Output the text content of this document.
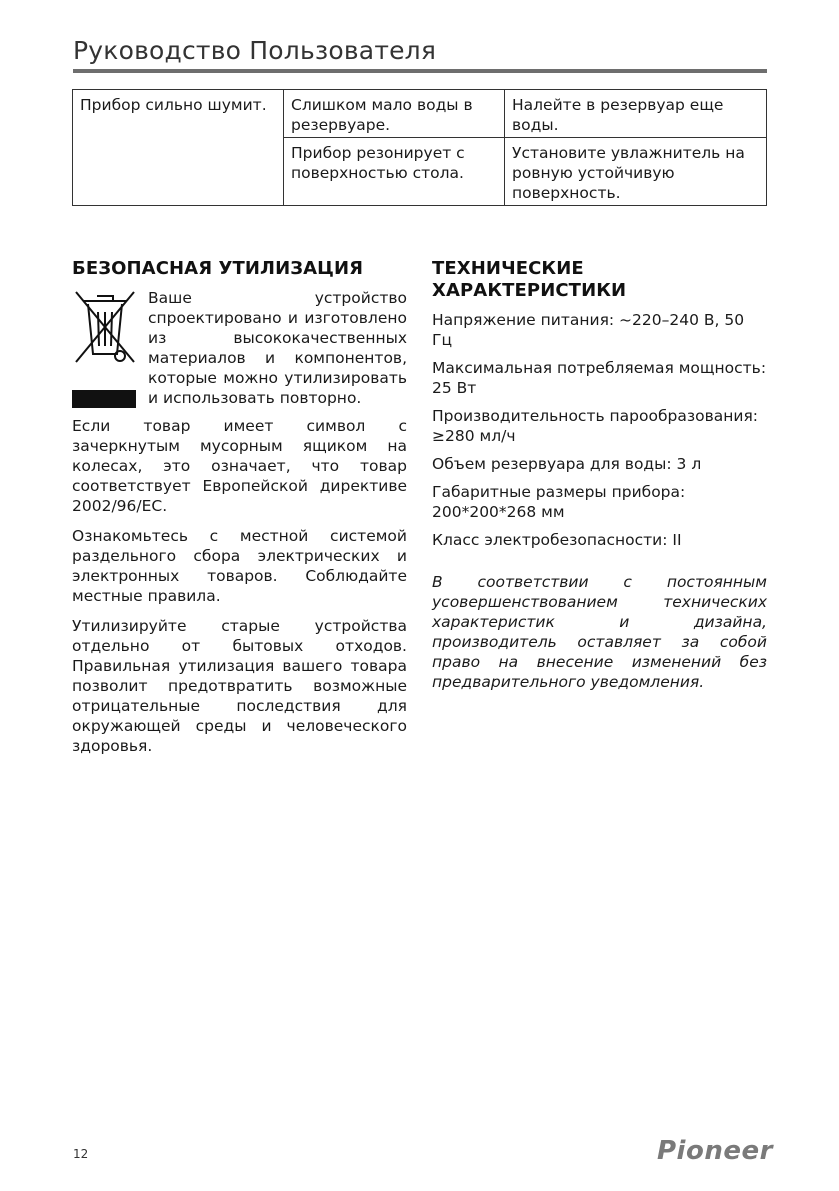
Руководство Пользователя
Прибор сильно шумит.	Слишком мало воды в резервуаре.	Налейте в резервуар еще воды.
	Прибор резонирует с поверхностью стола.	Установите увлажнитель на ровную устойчивую поверхность.
БЕЗОПАСНАЯ УТИЛИЗАЦИЯ

Ваше устройство спроектировано и изготовлено из высококачественных материалов и компонентов, которые можно утилизировать и использовать повторно.

Если товар имеет символ с зачеркнутым мусорным ящиком на колесах, это означает, что товар соответствует Европейской директиве 2002/96/EC.

Ознакомьтесь с местной системой раздельного сбора электрических и электронных товаров. Соблюдайте местные правила.

Утилизируйте старые устройства отдельно от бытовых отходов. Правильная утилизация вашего товара позволит предотвратить возможные отрицательные последствия для окружающей среды и человеческого здоровья.

ТЕХНИЧЕСКИЕ ХАРАКТЕРИСТИКИ
Напряжение питания: ~220–240 В, 50 Гц
Максимальная потребляемая мощность: 25 Вт
Производительность парообразования: ≥280 мл/ч
Объем резервуара для воды: 3 л
Габаритные размеры прибора: 200*200*268 мм
Класс электробезопасности: II

В соответствии с постоянным усовершенствованием технических характеристик и дизайна, производитель оставляет за собой право на внесение изменений без предварительного уведомления.

12	Pioneer
